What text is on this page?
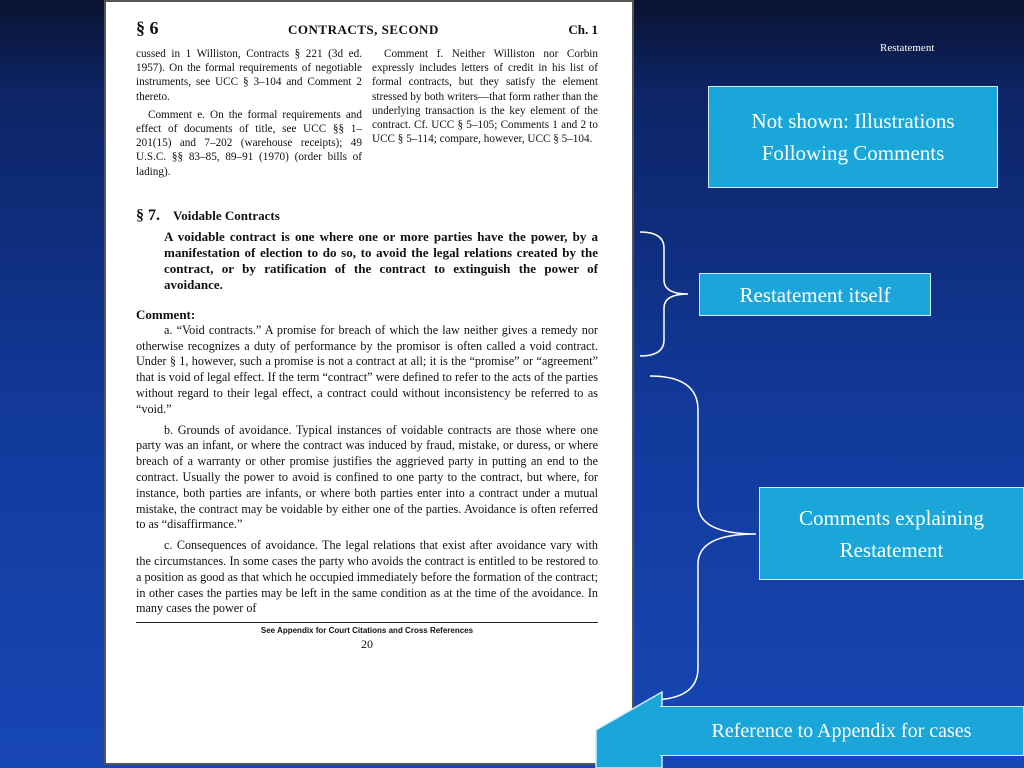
Restatement
§ 6	CONTRACTS, SECOND	Ch. 1

cussed in 1 Williston, Contracts § 221 (3d ed. 1957). On the formal requirements of negotiable instruments, see UCC § 3–104 and Comment 2 thereto.

Comment e. On the formal requirements and effect of documents of title, see UCC §§ 1–201(15) and 7–202 (warehouse receipts); 49 U.S.C. §§ 83–85, 89–91 (1970) (order bills of lading).

Comment f. Neither Williston nor Corbin expressly includes letters of credit in his list of formal contracts, but they satisfy the element stressed by both writers—that form rather than the underlying transaction is the key element of the contract. Cf. UCC § 5–105; Comments 1 and 2 to UCC § 5–114; compare, however, UCC § 5–104.

§ 7. Voidable Contracts
A voidable contract is one where one or more parties have the power, by a manifestation of election to do so, to avoid the legal relations created by the contract, or by ratification of the contract to extinguish the power of avoidance.
Comment:

a. “Void contracts.” A promise for breach of which the law neither gives a remedy nor otherwise recognizes a duty of performance by the promisor is often called a void contract. Under § 1, however, such a promise is not a contract at all; it is the “promise” or “agreement” that is void of legal effect. If the term “contract” were defined to refer to the acts of the parties without regard to their legal effect, a contract could without inconsistency be referred to as “void.”

b. Grounds of avoidance. Typical instances of voidable contracts are those where one party was an infant, or where the contract was induced by fraud, mistake, or duress, or where breach of a warranty or other promise justifies the aggrieved party in putting an end to the contract. Usually the power to avoid is confined to one party to the contract, but where, for instance, both parties are infants, or where both parties enter into a contract under a mutual mistake, the contract may be voidable by either one of the parties. Avoidance is often referred to as “disaffirmance.”

c. Consequences of avoidance. The legal relations that exist after avoidance vary with the circumstances. In some cases the party who avoids the contract is entitled to be restored to a position as good as that which he occupied immediately before the formation of the contract; in other cases the parties may be left in the same condition as at the time of the avoidance. In many cases the power of

See Appendix for Court Citations and Cross References
20
Not shown: Illustrations Following Comments
Restatement itself
Comments explaining Restatement
Reference to Appendix for cases
